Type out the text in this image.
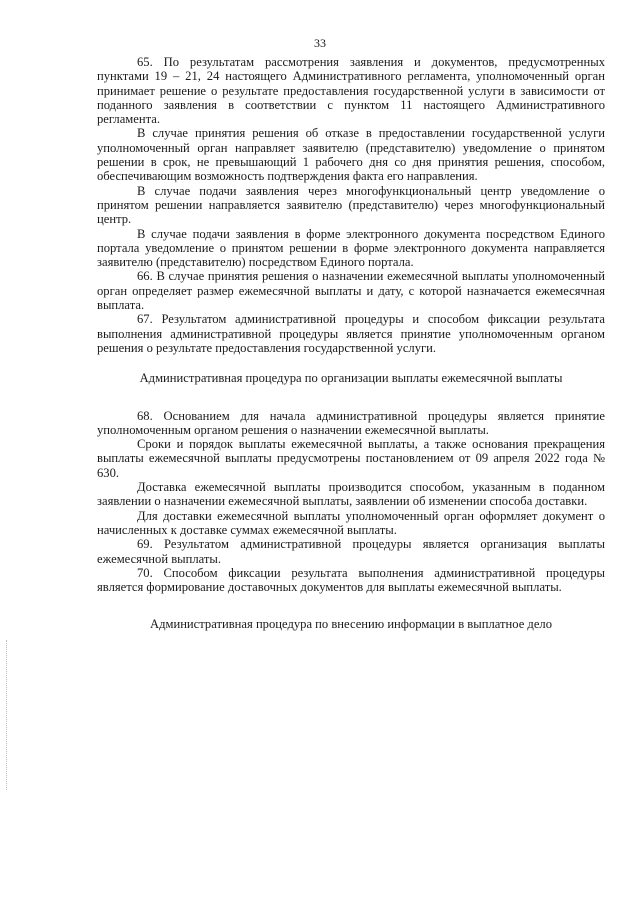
33

65. По результатам рассмотрения заявления и документов, предусмотренных пунктами 19 – 21, 24 настоящего Административного регламента, уполномоченный орган принимает решение о результате предоставления государственной услуги в зависимости от поданного заявления в соответствии с пунктом 11 настоящего Административного регламента.

В случае принятия решения об отказе в предоставлении государственной услуги уполномоченный орган направляет заявителю (представителю) уведомление о принятом решении в срок, не превышающий 1 рабочего дня со дня принятия решения, способом, обеспечивающим возможность подтверждения факта его направления.

В случае подачи заявления через многофункциональный центр уведомление о принятом решении направляется заявителю (представителю) через многофункциональный центр.

В случае подачи заявления в форме электронного документа посредством Единого портала уведомление о принятом решении в форме электронного документа направляется заявителю (представителю) посредством Единого портала.

66. В случае принятия решения о назначении ежемесячной выплаты уполномоченный орган определяет размер ежемесячной выплаты и дату, с которой назначается ежемесячная выплата.

67. Результатом административной процедуры и способом фиксации результата выполнения административной процедуры является принятие уполномоченным органом решения о результате предоставления государственной услуги.

Административная процедура по организации выплаты ежемесячной выплаты

68. Основанием для начала административной процедуры является принятие уполномоченным органом решения о назначении ежемесячной выплаты.

Сроки и порядок выплаты ежемесячной выплаты, а также основания прекращения выплаты ежемесячной выплаты предусмотрены постановлением от 09 апреля 2022 года № 630.

Доставка ежемесячной выплаты производится способом, указанным в поданном заявлении о назначении ежемесячной выплаты, заявлении об изменении способа доставки.

Для доставки ежемесячной выплаты уполномоченный орган оформляет документ о начисленных к доставке суммах ежемесячной выплаты.

69. Результатом административной процедуры является организация выплаты ежемесячной выплаты.

70. Способом фиксации результата выполнения административной процедуры является формирование доставочных документов для выплаты ежемесячной выплаты.

Административная процедура по внесению информации в выплатное дело
